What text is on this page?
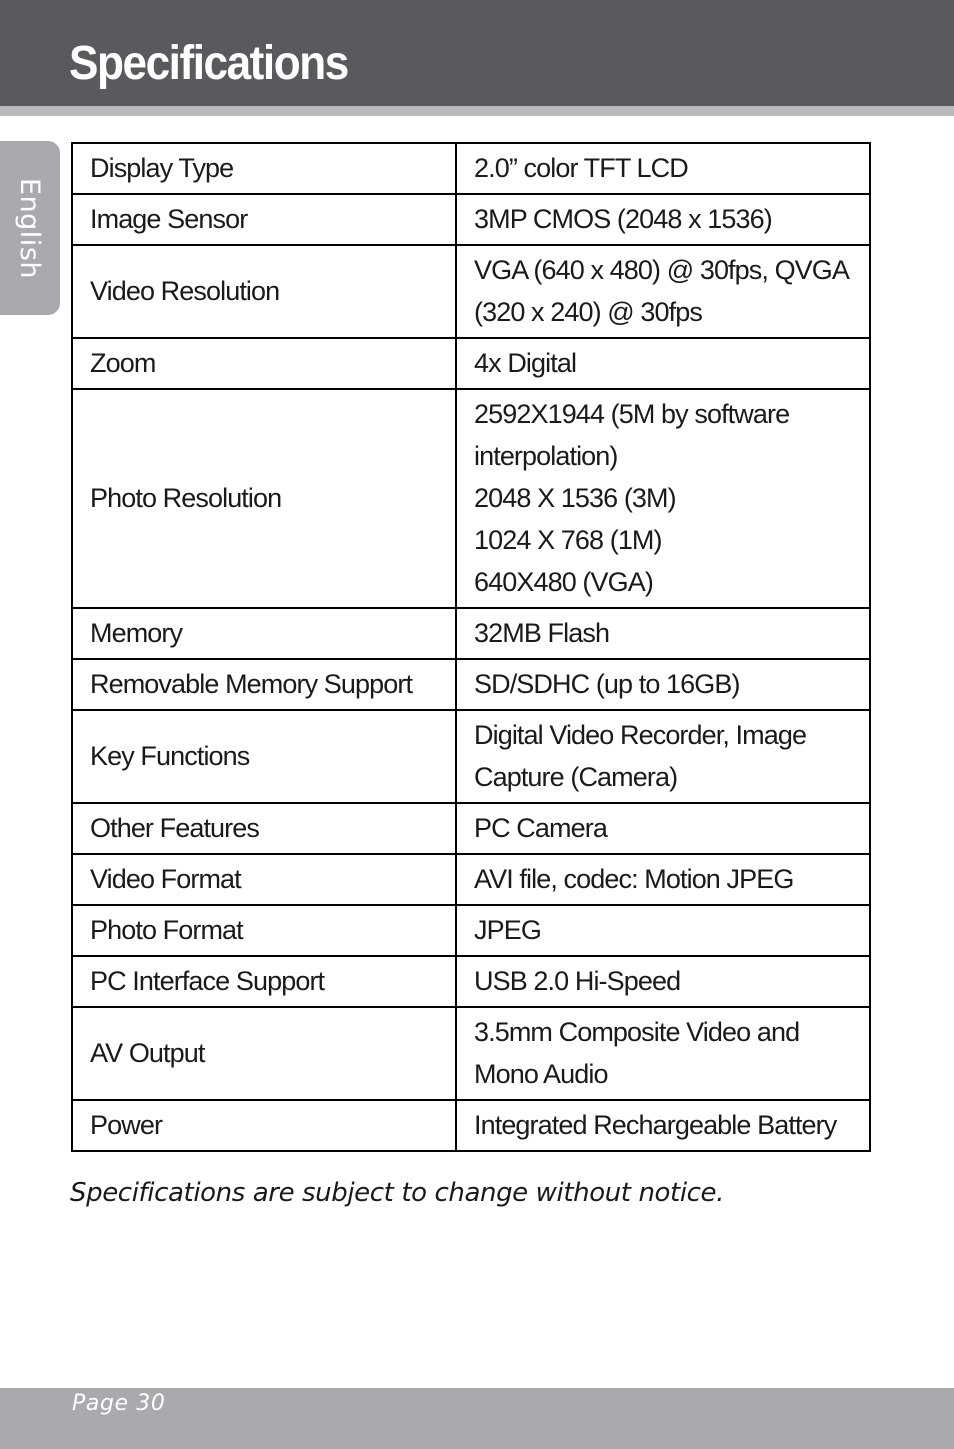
Specifications
English
Display Type	2.0” color TFT LCD
Image Sensor	3MP CMOS (2048 x 1536)
Video Resolution	VGA (640 x 480) @ 30fps, QVGA (320 x 240) @ 30fps
Zoom	4x Digital
Photo Resolution	2592X1944 (5M by software interpolation)
2048 X 1536 (3M)
1024 X 768 (1M)
640X480 (VGA)
Memory	32MB Flash
Removable Memory Support	SD/SDHC (up to 16GB)
Key Functions	Digital Video Recorder, Image Capture (Camera)
Other Features	PC Camera
Video Format	AVI file, codec: Motion JPEG
Photo Format	JPEG
PC Interface Support	USB 2.0 Hi-Speed
AV Output	3.5mm Composite Video and Mono Audio
Power	Integrated Rechargeable Battery
Specifications are subject to change without notice.
Page 30
